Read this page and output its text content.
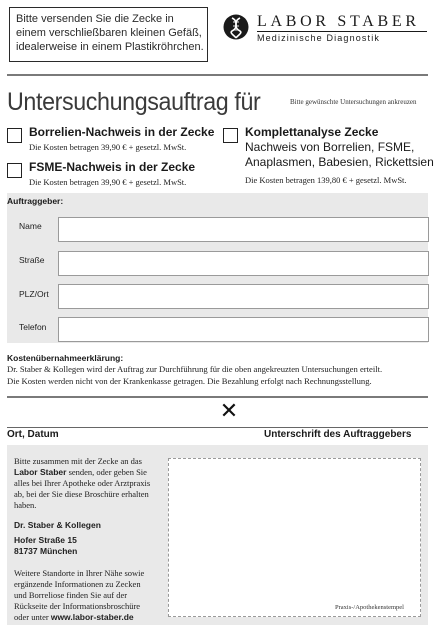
Bitte versenden Sie die Zecke in
einem verschließbaren kleinen Gefäß,
idealerweise in einem Plastikröhrchen.
LABOR STABER
Medizinische Diagnostik
Untersuchungsauftrag für	Bitte gewünschte Untersuchungen ankreuzen
Borrelien-Nachweis in der Zecke
Die Kosten betragen 39,90 € + gesetzl. MwSt.
FSME-Nachweis in der Zecke
Die Kosten betragen 39,90 € + gesetzl. MwSt.
Komplettanalyse Zecke
Nachweis von Borrelien, FSME,
Anaplasmen, Babesien, Rickettsien
Die Kosten betragen 139,80 € + gesetzl. MwSt.
Auftraggeber:
Name
Straße
PLZ/Ort
Telefon
Kostenübernahmeerklärung:
Dr. Staber & Kollegen wird der Auftrag zur Durchführung für die oben angekreuzten Untersuchungen erteilt.
Die Kosten werden nicht von der Krankenkasse getragen. Die Bezahlung erfolgt nach Rechnungsstellung.
✕
Ort, Datum	Unterschrift des Auftraggebers
Bitte zusammen mit der Zecke an das
Labor Staber senden, oder geben Sie
alles bei Ihrer Apotheke oder Arztpraxis
ab, bei der Sie diese Broschüre erhalten
haben.
Dr. Staber & Kollegen
Hofer Straße 15
81737 München
Weitere Standorte in Ihrer Nähe sowie
ergänzende Informationen zu Zecken
und Borreliose finden Sie auf der
Rückseite der Informationsbroschüre
oder unter www.labor-staber.de
Praxis-/Apothekenstempel
